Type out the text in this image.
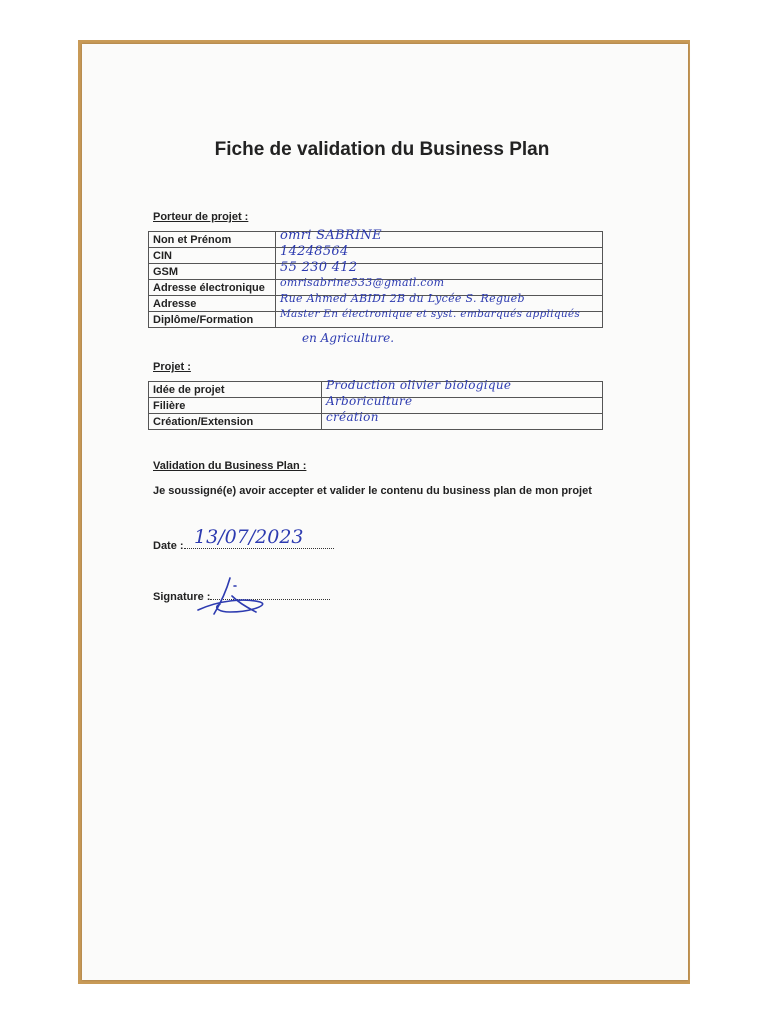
Fiche de validation du Business Plan
Porteur de projet :
Non et Prénom	omri SABRINE

CIN	14248564

GSM	55 230 412

Adresse électronique	omrisabrine533@gmail.com

Adresse	Rue Ahmed ABIDI 2B du Lycée S. Regueb

Diplôme/Formation	Master En électronique et syst. embarqués appliqués
en Agriculture.
Projet :
Idée de projet	Production olivier biologique

Filière	Arboriculture

Création/Extension	création
Validation du Business Plan :
Je soussigné(e) avoir accepter et valider le contenu du business plan de mon projet
Date : 13/07/2023
Signature :
